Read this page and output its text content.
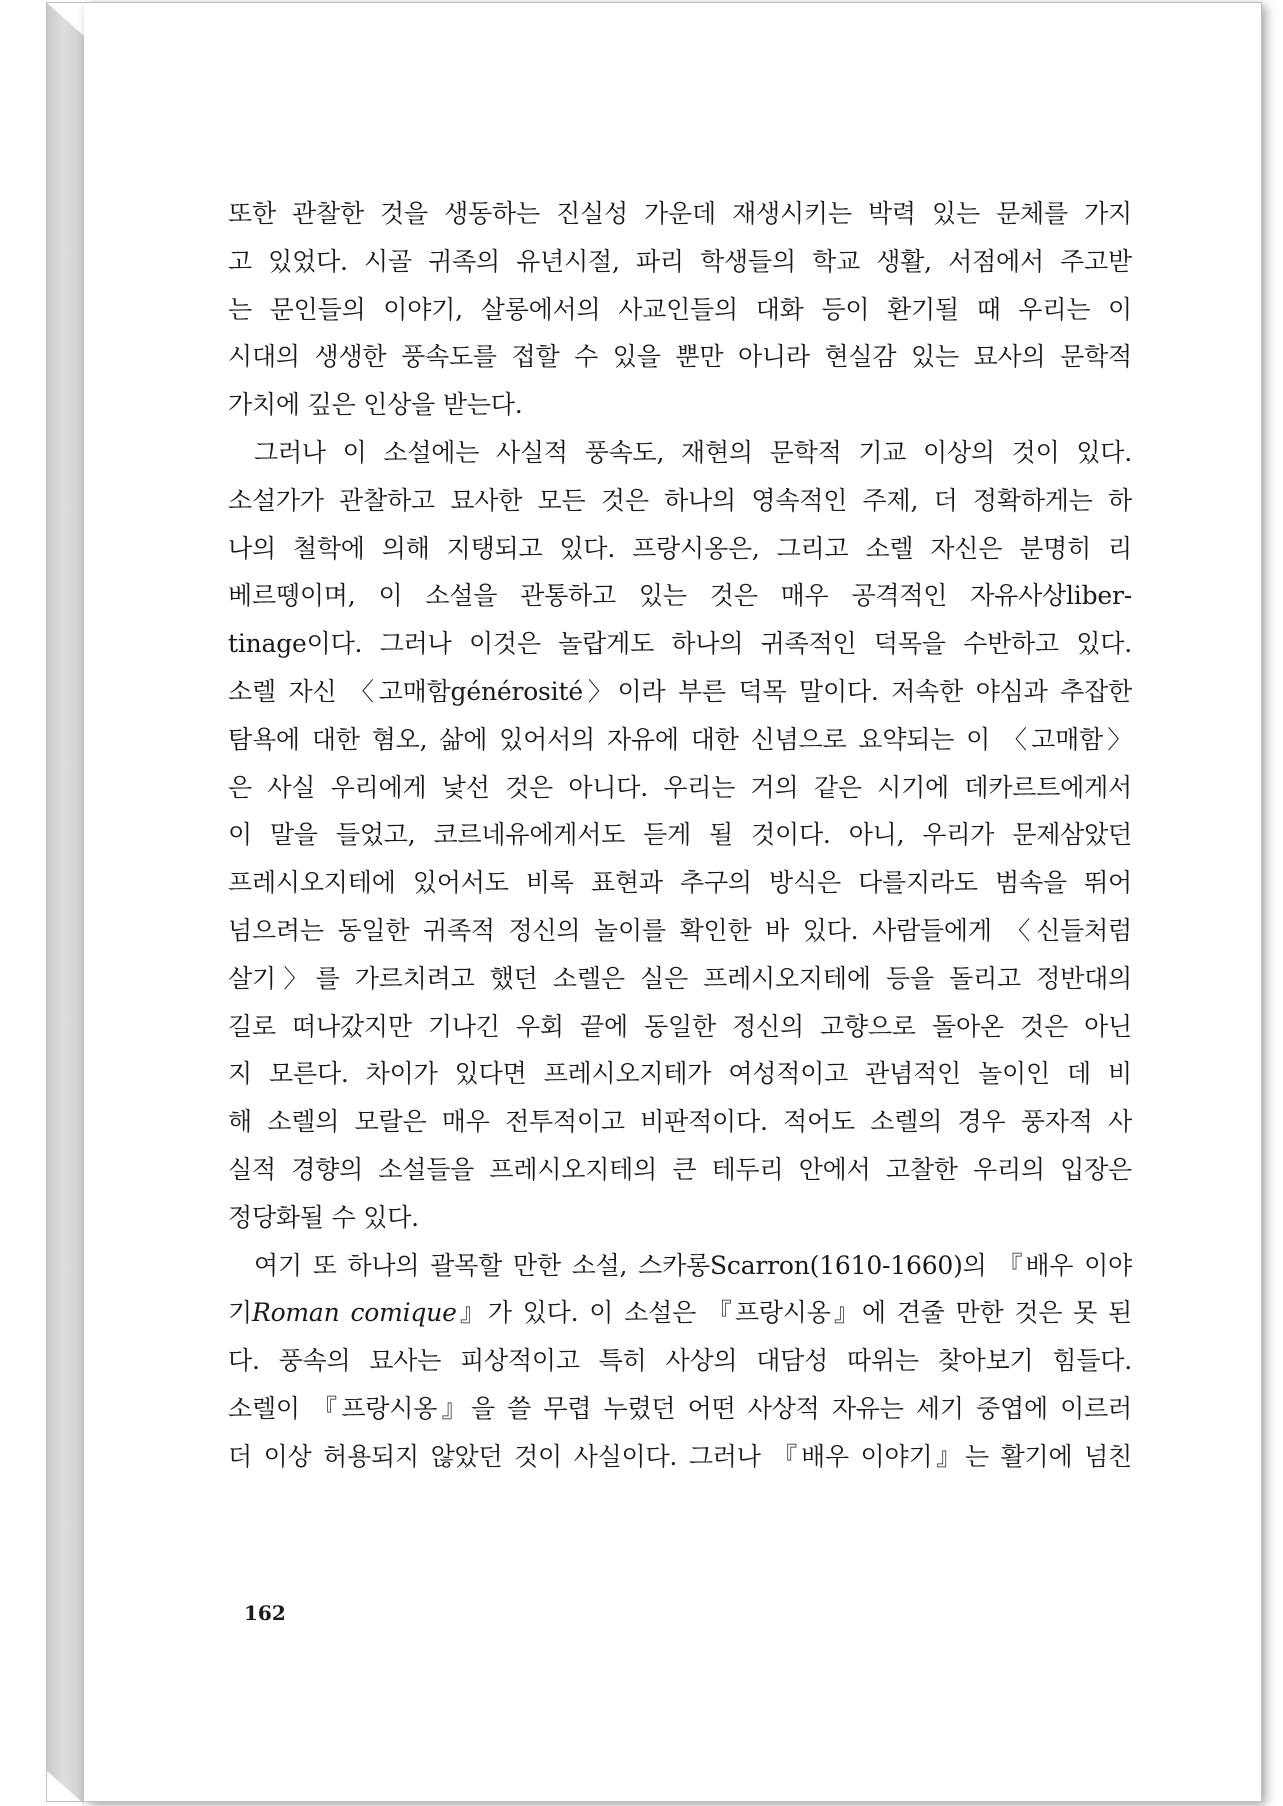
또한 관찰한 것을 생동하는 진실성 가운데 재생시키는 박력 있는 문체를 가지
고 있었다. 시골 귀족의 유년시절, 파리 학생들의 학교 생활, 서점에서 주고받
는 문인들의 이야기, 살롱에서의 사교인들의 대화 등이 환기될 때 우리는 이
시대의 생생한 풍속도를 접할 수 있을 뿐만 아니라 현실감 있는 묘사의 문학적
가치에 깊은 인상을 받는다.
그러나 이 소설에는 사실적 풍속도, 재현의 문학적 기교 이상의 것이 있다.
소설가가 관찰하고 묘사한 모든 것은 하나의 영속적인 주제, 더 정확하게는 하
나의 철학에 의해 지탱되고 있다. 프랑시옹은, 그리고 소렐 자신은 분명히 리
베르뗑이며, 이 소설을 관통하고 있는 것은 매우 공격적인 자유사상liber-
tinage이다. 그러나 이것은 놀랍게도 하나의 귀족적인 덕목을 수반하고 있다.
소렐 자신 〈고매함générosité〉이라 부른 덕목 말이다. 저속한 야심과 추잡한
탐욕에 대한 혐오, 삶에 있어서의 자유에 대한 신념으로 요약되는 이 〈고매함〉
은 사실 우리에게 낯선 것은 아니다. 우리는 거의 같은 시기에 데카르트에게서
이 말을 들었고, 코르네유에게서도 듣게 될 것이다. 아니, 우리가 문제삼았던
프레시오지테에 있어서도 비록 표현과 추구의 방식은 다를지라도 범속을 뛰어
넘으려는 동일한 귀족적 정신의 놀이를 확인한 바 있다. 사람들에게 〈신들처럼
살기〉를 가르치려고 했던 소렐은 실은 프레시오지테에 등을 돌리고 정반대의
길로 떠나갔지만 기나긴 우회 끝에 동일한 정신의 고향으로 돌아온 것은 아닌
지 모른다. 차이가 있다면 프레시오지테가 여성적이고 관념적인 놀이인 데 비
해 소렐의 모랄은 매우 전투적이고 비판적이다. 적어도 소렐의 경우 풍자적 사
실적 경향의 소설들을 프레시오지테의 큰 테두리 안에서 고찰한 우리의 입장은
정당화될 수 있다.
여기 또 하나의 괄목할 만한 소설, 스카롱Scarron(1610-1660)의 『배우 이야
기Roman comique』가 있다. 이 소설은 『프랑시옹』에 견줄 만한 것은 못 된
다. 풍속의 묘사는 피상적이고 특히 사상의 대담성 따위는 찾아보기 힘들다.
소렐이 『프랑시옹』을 쓸 무렵 누렸던 어떤 사상적 자유는 세기 중엽에 이르러
더 이상 허용되지 않았던 것이 사실이다. 그러나 『배우 이야기』는 활기에 넘친
162
